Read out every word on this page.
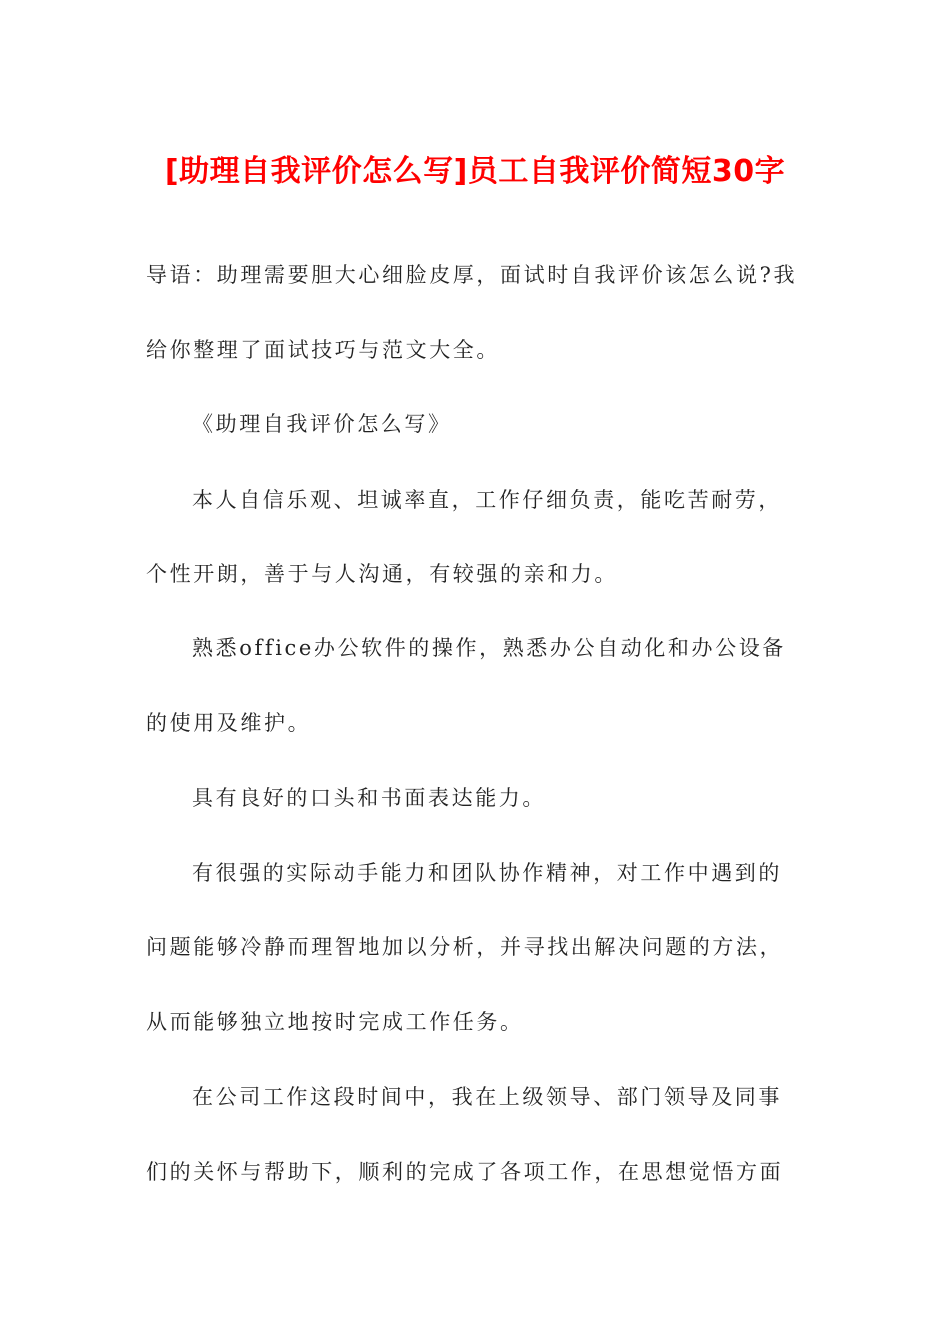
[助理自我评价怎么写]员工自我评价简短30字
导语：助理需要胆大心细脸皮厚，面试时自我评价该怎么说?我
给你整理了面试技巧与范文大全。
《助理自我评价怎么写》
本人自信乐观、坦诚率直，工作仔细负责，能吃苦耐劳，
个性开朗，善于与人沟通，有较强的亲和力。
熟悉office办公软件的操作，熟悉办公自动化和办公设备
的使用及维护。
具有良好的口头和书面表达能力。
有很强的实际动手能力和团队协作精神，对工作中遇到的
问题能够冷静而理智地加以分析，并寻找出解决问题的方法，
从而能够独立地按时完成工作任务。
在公司工作这段时间中，我在上级领导、部门领导及同事
们的关怀与帮助下，顺利的完成了各项工作，在思想觉悟方面
